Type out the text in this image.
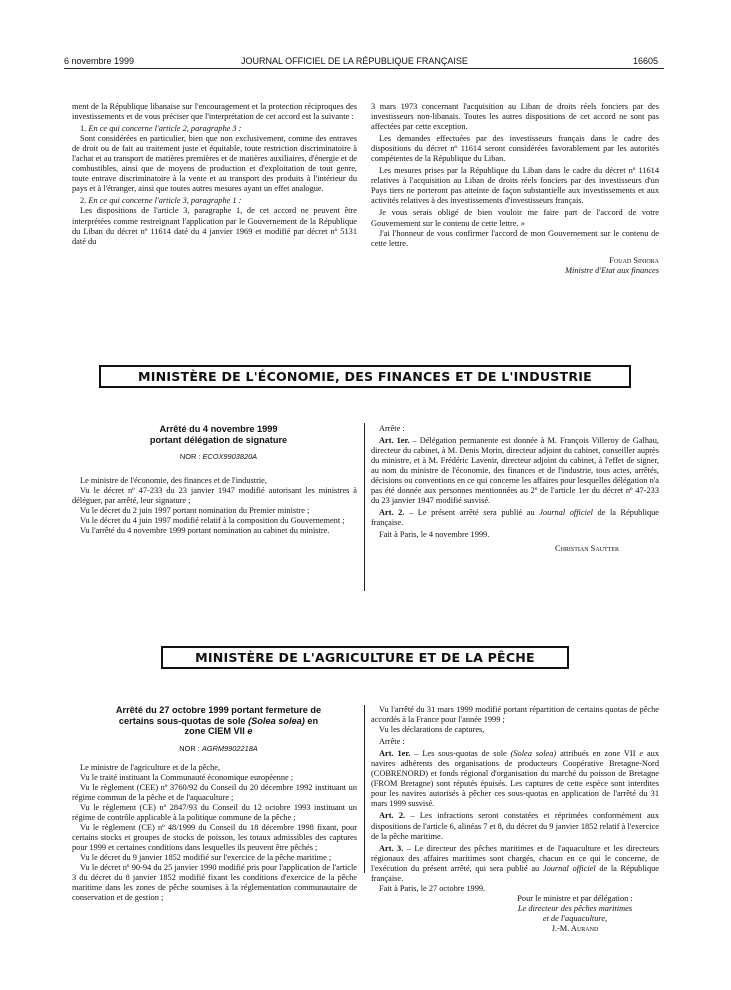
6 novembre 1999	JOURNAL OFFICIEL DE LA RÉPUBLIQUE FRANÇAISE	16605

ment de la République libanaise sur l'encouragement et la protection réciproques des investissements et de vous préciser que l'interprétation de cet accord est la suivante :

1. En ce qui concerne l'article 2, paragraphe 3 :

Sont considérées en particulier, bien que non exclusivement, comme des entraves de droit ou de fait au traitement juste et équitable, toute restriction discriminatoire à l'achat et au transport de matières premières et de matières auxiliaires, d'énergie et de combustibles, ainsi que de moyens de production et d'exploitation de tout genre, toute entrave discriminatoire à la vente et au transport des produits à l'intérieur du pays et à l'étranger, ainsi que toutes autres mesures ayant un effet analogue.

2. En ce qui concerne l'article 3, paragraphe 1 :

Les dispositions de l'article 3, paragraphe 1, de cet accord ne peuvent être interprétées comme restreignant l'application par le Gouvernement de la République du Liban du décret nº 11614 daté du 4 janvier 1969 et modifié par décret nº 5131 daté du

3 mars 1973 concernant l'acquisition au Liban de droits réels fonciers par des investisseurs non-libanais. Toutes les autres dispositions de cet accord ne sont pas affectées par cette exception.

Les demandes effectuées par des investisseurs français dans le cadre des dispositions du décret nº 11614 seront considérées favorablement par les autorités compétentes de la République du Liban.

Les mesures prises par la République du Liban dans le cadre du décret nº 11614 relatives à l'acquisition au Liban de droits réels fonciers par des investisseurs d'un Pays tiers ne porteront pas atteinte de façon substantielle aux investissements et aux activités relatives à des investissements d'investisseurs français.

Je vous serais obligé de bien vouloir me faire part de l'accord de votre Gouvernement sur le contenu de cette lettre. »

J'ai l'honneur de vous confirmer l'accord de mon Gouvernement sur le contenu de cette lettre.

Fouad Siniora

Ministre d'Etat aux finances

MINISTÈRE DE L'ÉCONOMIE, DES FINANCES ET DE L'INDUSTRIE

Arrêté du 4 novembre 1999

portant délégation de signature

NOR : ECOX9903820A

Le ministre de l'économie, des finances et de l'industrie,

Vu le décret nº 47-233 du 23 janvier 1947 modifié autorisant les ministres à déléguer, par arrêté, leur signature ;

Vu le décret du 2 juin 1997 portant nomination du Premier ministre ;

Vu le décret du 4 juin 1997 modifié relatif à la composition du Gouvernement ;

Vu l'arrêté du 4 novembre 1999 portant nomination au cabinet du ministre.

Arrête :

Art. 1er. – Délégation permanente est donnée à M. François Villeroy de Galhau, directeur du cabinet, à M. Denis Morin, directeur adjoint du cabinet, conseiller auprès du ministre, et à M. Frédéric Lavenir, directeur adjoint du cabinet, à l'effet de signer, au nom du ministre de l'économie, des finances et de l'industrie, tous actes, arrêtés, décisions ou conventions en ce qui concerne les affaires pour lesquelles délégation n'a pas été donnée aux personnes mentionnées au 2º de l'article 1er du décret nº 47-233 du 23 janvier 1947 modifié susvisé.

Art. 2. – Le présent arrêté sera publié au Journal officiel de la République française.

Fait à Paris, le 4 novembre 1999.

Christian Sautter

MINISTÈRE DE L'AGRICULTURE ET DE LA PÊCHE

Arrêté du 27 octobre 1999 portant fermeture de

certains sous-quotas de sole (Solea solea) en

zone CIEM VII e

NOR : AGRM9902218A

Le ministre de l'agriculture et de la pêche,

Vu le traité instituant la Communauté économique européenne ;

Vu le règlement (CEE) nº 3760/92 du Conseil du 20 décembre 1992 instituant un régime commun de la pêche et de l'aquaculture ;

Vu le règlement (CE) nº 2847/93 du Conseil du 12 octobre 1993 instituant un régime de contrôle applicable à la politique commune de la pêche ;

Vu le règlement (CE) nº 48/1999 du Conseil du 18 décembre 1998 fixant, pour certains stocks et groupes de stocks de poisson, les totaux admissibles des captures pour 1999 et certaines conditions dans lesquelles ils peuvent être pêchés ;

Vu le décret du 9 janvier 1852 modifié sur l'exercice de la pêche maritime ;

Vu le décret nº 90-94 du 25 janvier 1990 modifié pris pour l'application de l'article 3 du décret du 8 janvier 1852 modifié fixant les conditions d'exercice de la pêche maritime dans les zones de pêche soumises à la réglementation communautaire de conservation et de gestion ;

Vu l'arrêté du 31 mars 1999 modifié portant répartition de certains quotas de pêche accordés à la France pour l'année 1999 ;

Vu les déclarations de captures,

Arrête :

Art. 1er. – Les sous-quotas de sole (Solea solea) attribués en zone VII e aux navires adhérents des organisations de producteurs Coopérative Bretagne-Nord (COBRENORD) et fonds régional d'organisation du marché du poisson de Bretagne (FROM Bretagne) sont réputés épuisés. Les captures de cette espèce sont interdites pour les navires autorisés à pêcher ces sous-quotas en application de l'arrêté du 31 mars 1999 susvisé.

Art. 2. – Les infractions seront constatées et réprimées conformément aux dispositions de l'article 6, alinéas 7 et 8, du décret du 9 janvier 1852 relatif à l'exercice de la pêche maritime.

Art. 3. – Le directeur des pêches maritimes et de l'aquaculture et les directeurs régionaux des affaires maritimes sont chargés, chacun en ce qui le concerne, de l'exécution du présent arrêté, qui sera publié au Journal officiel de la République française.

Fait à Paris, le 27 octobre 1999.

Pour le ministre et par délégation :

Le directeur des pêches maritimes

et de l'aquaculture,

J.-M. Aurand
